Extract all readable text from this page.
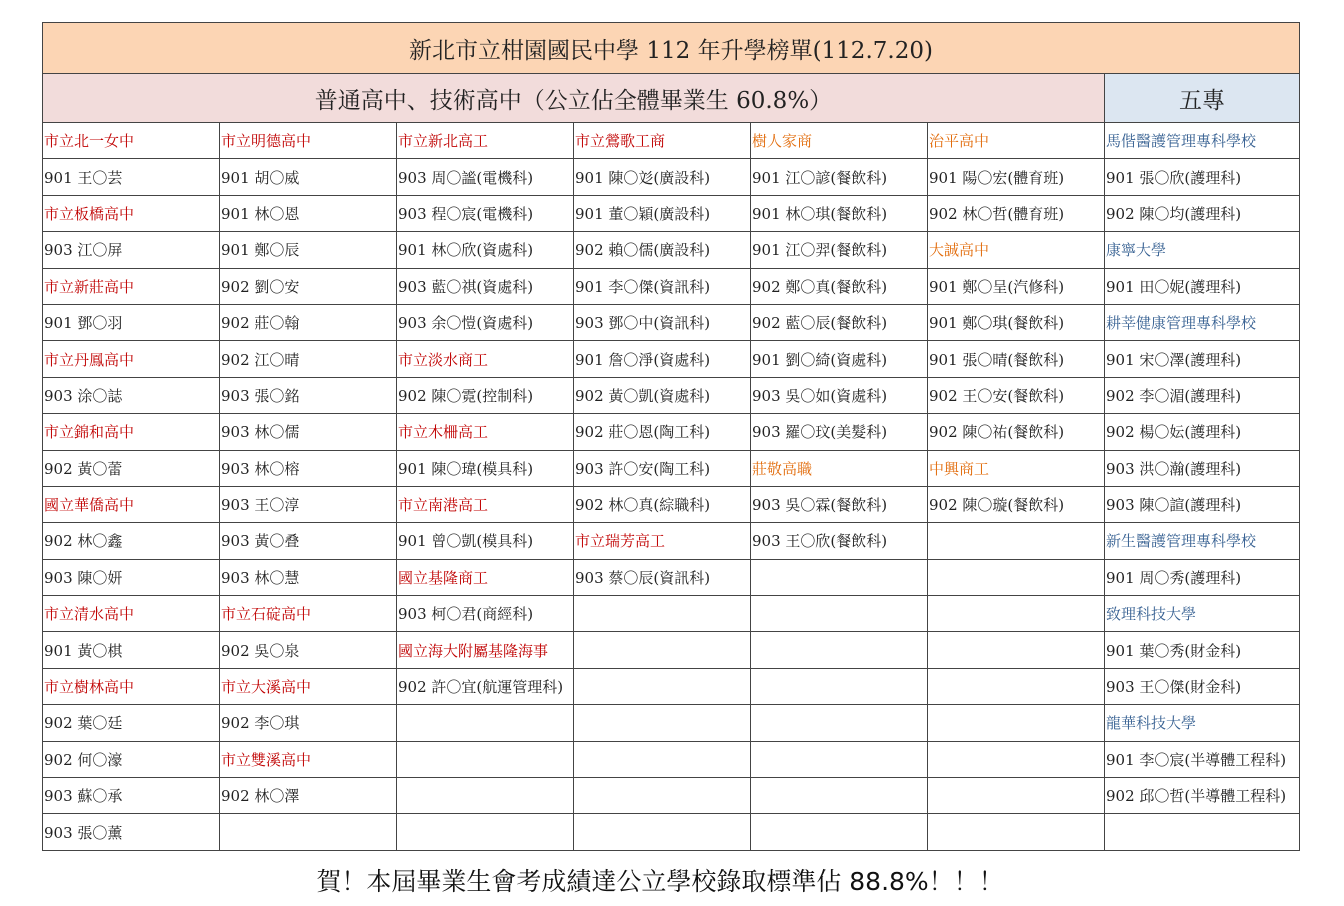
新北市立柑園國民中學 112 年升學榜單(112.7.20)						
普通高中、技術高中（公立佔全體畢業生 60.8%）						五專
市立北一女中	市立明德高中	市立新北高工	市立鶯歌工商	樹人家商	治平高中	馬偕醫護管理專科學校
901 王〇芸	901 胡〇威	903 周〇謐(電機科)	901 陳〇彣(廣設科)	901 江〇諺(餐飲科)	901 陽〇宏(體育班)	901 張〇欣(護理科)
市立板橋高中	901 林〇恩	903 程〇宸(電機科)	901 董〇穎(廣設科)	901 林〇琪(餐飲科)	902 林〇哲(體育班)	902 陳〇均(護理科)
903 江〇屏	901 鄭〇辰	901 林〇欣(資處科)	902 賴〇儒(廣設科)	901 江〇羿(餐飲科)	大誠高中	康寧大學
市立新莊高中	902 劉〇安	903 藍〇祺(資處科)	901 李〇傑(資訊科)	902 鄭〇真(餐飲科)	901 鄭〇呈(汽修科)	901 田〇妮(護理科)
901 鄧〇羽	902 莊〇翰	903 余〇愷(資處科)	903 鄧〇中(資訊科)	902 藍〇辰(餐飲科)	901 鄭〇琪(餐飲科)	耕莘健康管理專科學校
市立丹鳳高中	902 江〇晴	市立淡水商工	901 詹〇淨(資處科)	901 劉〇綺(資處科)	901 張〇晴(餐飲科)	901 宋〇澤(護理科)
903 涂〇誌	903 張〇銘	902 陳〇霓(控制科)	902 黃〇凱(資處科)	903 吳〇如(資處科)	902 王〇安(餐飲科)	902 李〇湄(護理科)
市立錦和高中	903 林〇儒	市立木柵高工	902 莊〇恩(陶工科)	903 羅〇玟(美髮科)	902 陳〇祐(餐飲科)	902 楊〇妘(護理科)
902 黃〇蕾	903 林〇榕	901 陳〇瑋(模具科)	903 許〇安(陶工科)	莊敬高職	中興商工	903 洪〇瀚(護理科)
國立華僑高中	903 王〇淳	市立南港高工	902 林〇真(綜職科)	903 吳〇霖(餐飲科)	902 陳〇璇(餐飲科)	903 陳〇諠(護理科)
902 林〇鑫	903 黃〇叠	901 曾〇凱(模具科)	市立瑞芳高工	903 王〇欣(餐飲科)		新生醫護管理專科學校
903 陳〇妍	903 林〇慧	國立基隆商工	903 蔡〇辰(資訊科)			901 周〇秀(護理科)
市立清水高中	市立石碇高中	903 柯〇君(商經科)				致理科技大學
901 黃〇棋	902 吳〇泉	國立海大附屬基隆海事				901 葉〇秀(財金科)
市立樹林高中	市立大溪高中	902 許〇宜(航運管理科)				903 王〇傑(財金科)
902 葉〇廷	902 李〇琪					龍華科技大學
902 何〇濠	市立雙溪高中					901 李〇宸(半導體工程科)
903 蘇〇承	902 林〇澤					902 邱〇哲(半導體工程科)
903 張〇薰						
賀！本屆畢業生會考成績達公立學校錄取標準佔 88.8%！！！
